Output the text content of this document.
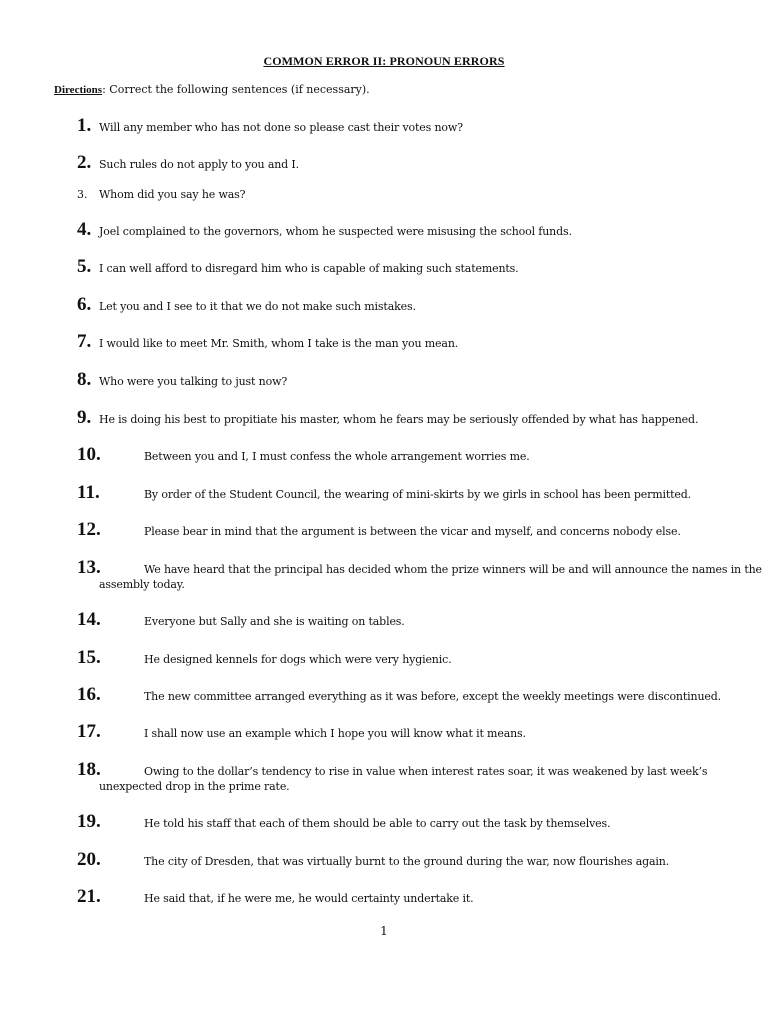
COMMON ERROR II: PRONOUN ERRORS
Directions: Correct the following sentences (if necessary).
1. Will any member who has not done so please cast their votes now?
2. Such rules do not apply to you and I.
3. Whom did you say he was?
4. Joel complained to the governors, whom he suspected were misusing the school funds.
5. I can well afford to disregard him who is capable of making such statements.
6. Let you and I see to it that we do not make such mistakes.
7. I would like to meet Mr. Smith, whom I take is the man you mean.
8. Who were you talking to just now?
9. He is doing his best to propitiate his master, whom he fears may be seriously offended by what has happened.
10.	Between you and I, I must confess the whole arrangement worries me.
11.	By order of the Student Council, the wearing of mini-skirts by we girls in school has been permitted.
12.	Please bear in mind that the argument is between the vicar and myself, and concerns nobody else.
13.	We have heard that the principal has decided whom the prize winners will be and will announce the names in the
assembly today.
14.	Everyone but Sally and she is waiting on tables.
15.	He designed kennels for dogs which were very hygienic.
16.	The new committee arranged everything as it was before, except the weekly meetings were discontinued.
17.	I shall now use an example which I hope you will know what it means.
18.	Owing to the dollar’s tendency to rise in value when interest rates soar, it was weakened by last week’s
unexpected drop in the prime rate.
19.	He told his staff that each of them should be able to carry out the task by themselves.
20.	The city of Dresden, that was virtually burnt to the ground during the war, now flourishes again.
21.	He said that, if he were me, he would certainty undertake it.
1
